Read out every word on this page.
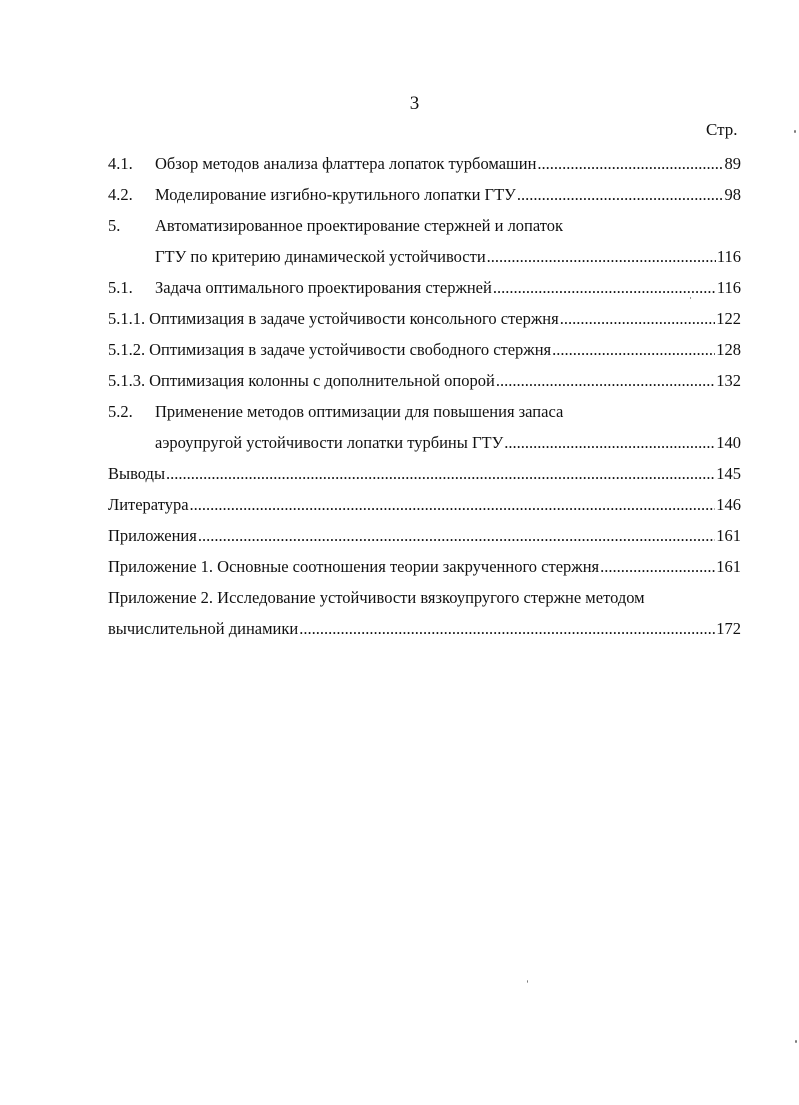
3
Стр.
4.1.	Обзор методов анализа флаттера лопаток турбомашин .....	89
4.2.	Моделирование изгибно-крутильного лопатки ГТУ .....	98
5.	Автоматизированное проектирование стержней и лопаток
ГТУ по критерию динамической устойчивости .....	116
5.1.	Задача оптимального проектирования стержней .....	116
5.1.1. Оптимизация в задаче устойчивости консольного стержня .....	122
5.1.2. Оптимизация в задаче устойчивости свободного стержня .....	128
5.1.3. Оптимизация колонны с дополнительной опорой .....	132
5.2.	Применение методов оптимизации для повышения запаса
аэроупругой устойчивости лопатки турбины ГТУ .....	140
Выводы .....	145
Литература .....	146
Приложения .....	161
Приложение 1. Основные соотношения теории закрученного стержня .....	161
Приложение 2. Исследование устойчивости вязкоупругого стержне методом
вычислительной динамики .....	172
